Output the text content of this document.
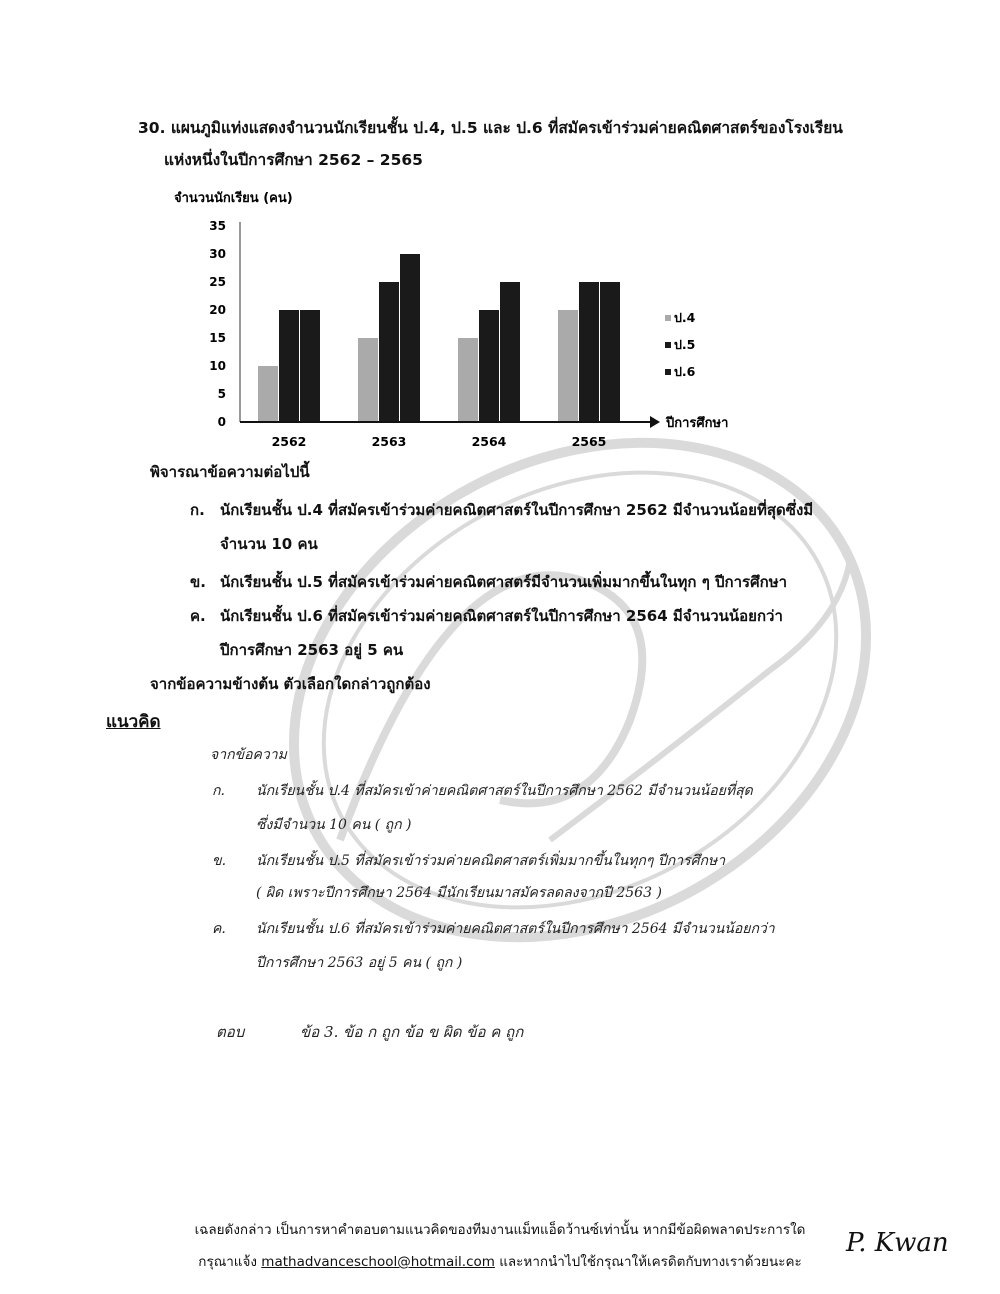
30. แผนภูมิแท่งแสดงจำนวนนักเรียนชั้น ป.4, ป.5 และ ป.6 ที่สมัครเข้าร่วมค่ายคณิตศาสตร์ของโรงเรียน
แห่งหนึ่งในปีการศึกษา 2562 – 2565
จำนวนนักเรียน (คน)
0
5
10
15
20
25
30
35
ปีการศึกษา
2562	2563	2564	2565
ป.4
ป.5
ป.6
พิจารณาข้อความต่อไปนี้
ก. นักเรียนชั้น ป.4 ที่สมัครเข้าร่วมค่ายคณิตศาสตร์ในปีการศึกษา 2562 มีจำนวนน้อยที่สุดซึ่งมี
จำนวน 10 คน
ข. นักเรียนชั้น ป.5 ที่สมัครเข้าร่วมค่ายคณิตศาสตร์มีจำนวนเพิ่มมากขึ้นในทุก ๆ ปีการศึกษา
ค. นักเรียนชั้น ป.6 ที่สมัครเข้าร่วมค่ายคณิตศาสตร์ในปีการศึกษา 2564 มีจำนวนน้อยกว่า
ปีการศึกษา 2563 อยู่ 5 คน
จากข้อความข้างต้น ตัวเลือกใดกล่าวถูกต้อง
แนวคิด
จากข้อความ
ก. นักเรียนชั้น ป.4 ที่สมัครเข้าค่ายคณิตศาสตร์ในปีการศึกษา 2562 มีจำนวนน้อยที่สุด
ซึ่งมีจำนวน 10 คน ( ถูก )
ข. นักเรียนชั้น ป.5 ที่สมัครเข้าร่วมค่ายคณิตศาสตร์เพิ่มมากขึ้นในทุกๆ ปีการศึกษา
( ผิด เพราะปีการศึกษา 2564 มีนักเรียนมาสมัครลดลงจากปี 2563 )
ค. นักเรียนชั้น ป.6 ที่สมัครเข้าร่วมค่ายคณิตศาสตร์ในปีการศึกษา 2564 มีจำนวนน้อยกว่า
ปีการศึกษา 2563 อยู่ 5 คน ( ถูก )
ตอบ	ข้อ 3. ข้อ ก ถูก ข้อ ข ผิด ข้อ ค ถูก
เฉลยดังกล่าว เป็นการหาคำตอบตามแนวคิดของทีมงานแม็ทแอ็ดว้านซ์เท่านั้น หากมีข้อผิดพลาดประการใด
กรุณาแจ้ง mathadvanceschool@hotmail.com และหากนำไปใช้กรุณาให้เครดิตกับทางเราด้วยนะคะ
P. Kwan
